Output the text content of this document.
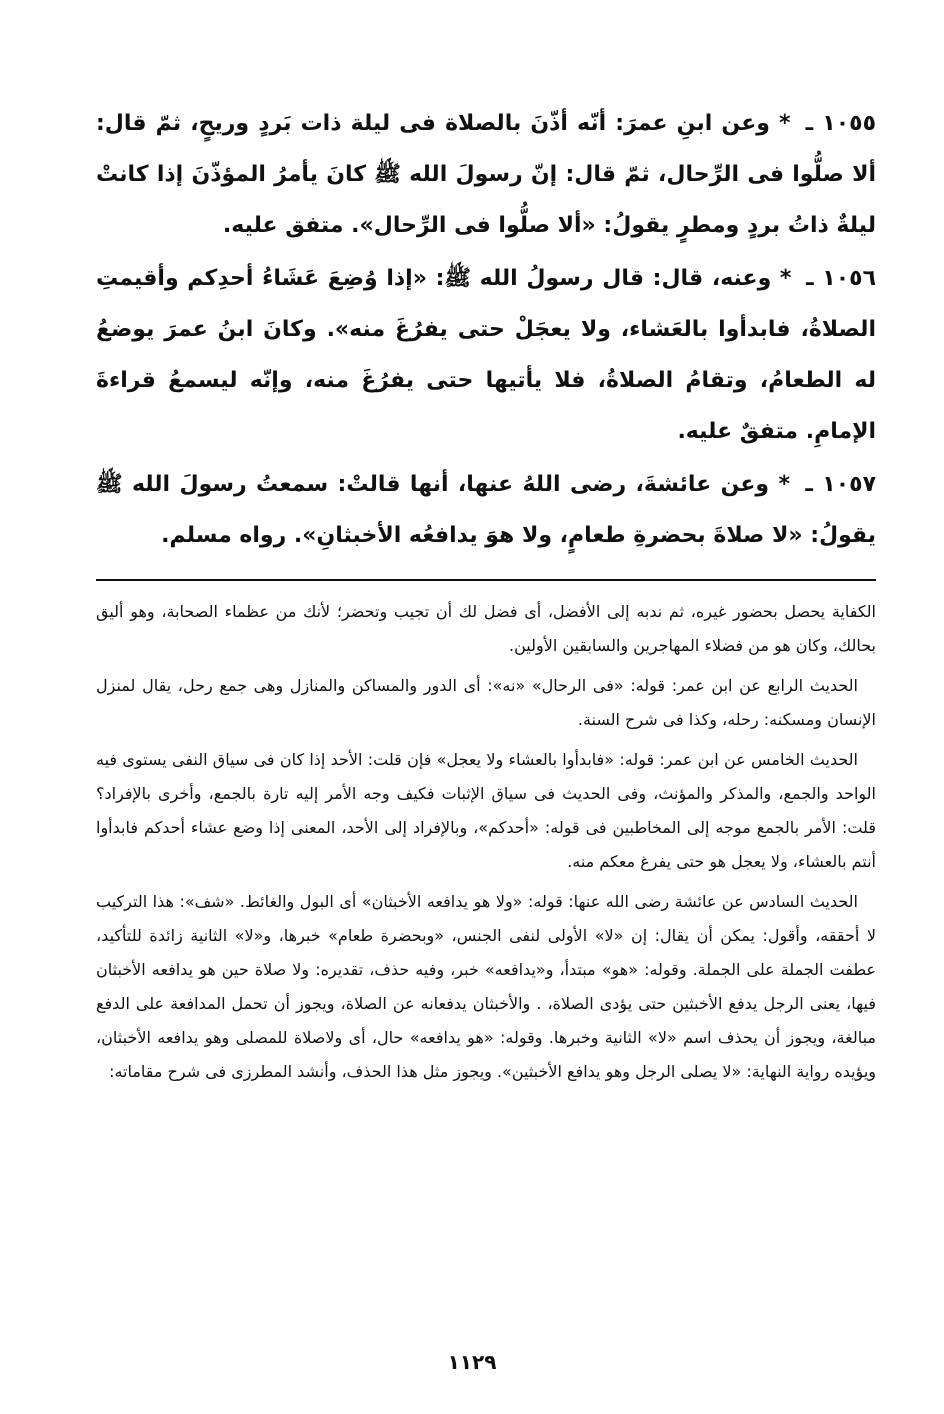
١٠٥٥ ـ * وعن ابنِ عمرَ: أنّه أذّنَ بالصلاة فى ليلة ذات بَردٍ وريحٍ، ثمّ قال: ألا صلُّوا فى الرِّحال، ثمّ قال: إنّ رسولَ الله ﷺ كانَ يأمرُ المؤذّنَ إذا كانتْ ليلةٌ ذاتُ بردٍ ومطرٍ يقولُ: «ألا صلُّوا فى الرِّحال». متفق عليه.

١٠٥٦ ـ * وعنه، قال: قال رسولُ الله ﷺ: «إذا وُضِعَ عَشَاءُ أحدِكم وأقيمتِ الصلاةُ، فابدأوا بالعَشاء، ولا يعجَلْ حتى يفرُغَ منه». وكانَ ابنُ عمرَ يوضعُ له الطعامُ، وتقامُ الصلاةُ، فلا يأتيها حتى يفرُغَ منه، وإنّه ليسمعُ قراءةَ الإمامِ. متفقٌ عليه.

١٠٥٧ ـ * وعن عائشةَ، رضى اللهُ عنها، أنها قالتْ: سمعتُ رسولَ الله ﷺ يقولُ: «لا صلاةَ بحضرةِ طعامٍ، ولا هوَ يدافعُه الأخبثانِ». رواه مسلم.

الكفاية يحصل بحضور غيره، ثم ندبه إلى الأفضل، أى فضل لك أن تجيب وتحضر؛ لأنك من عظماء الصحابة، وهو أليق بحالك، وكان هو من فضلاء المهاجرين والسابقين الأولين.

الحديث الرابع عن ابن عمر: قوله: «فى الرحال» «نه»: أى الدور والمساكن والمنازل وهى جمع رحل، يقال لمنزل الإنسان ومسكنه: رحله، وكذا فى شرح السنة.

الحديث الخامس عن ابن عمر: قوله: «فابدأوا بالعشاء ولا يعجل» فإن قلت: الأحد إذا كان فى سياق النفى يستوى فيه الواحد والجمع، والمذكر والمؤنث، وفى الحديث فى سياق الإثبات فكيف وجه الأمر إليه تارة بالجمع، وأخرى بالإفراد؟ قلت: الأمر بالجمع موجه إلى المخاطبين فى قوله: «أحدكم»، وبالإفراد إلى الأحد، المعنى إذا وضع عشاء أحدكم فابدأوا أنتم بالعشاء، ولا يعجل هو حتى يفرغ معكم منه.

الحديث السادس عن عائشة رضى الله عنها: قوله: «ولا هو يدافعه الأخبثان» أى البول والغائط. «شف»: هذا التركيب لا أحققه، وأقول: يمكن أن يقال: إن «لا» الأولى لنفى الجنس، «وبحضرة طعام» خبرها، و«لا» الثانية زائدة للتأكيد، عطفت الجملة على الجملة. وقوله: «هو» مبتدأ، و«يدافعه» خبر، وفيه حذف، تقديره: ولا صلاة حين هو يدافعه الأخبثان فيها، يعنى الرجل يدفع الأخبثين حتى يؤدى الصلاة، . والأخبثان يدفعانه عن الصلاة، ويجوز أن تحمل المدافعة على الدفع مبالغة، ويجوز أن يحذف اسم «لا» الثانية وخبرها. وقوله: «هو يدافعه» حال، أى ولاصلاة للمصلى وهو يدافعه الأخبثان، ويؤيده رواية النهاية: «لا يصلى الرجل وهو يدافع الأخبثين». ويجوز مثل هذا الحذف، وأنشد المطرزى فى شرح مقاماته:

١١٢٩
